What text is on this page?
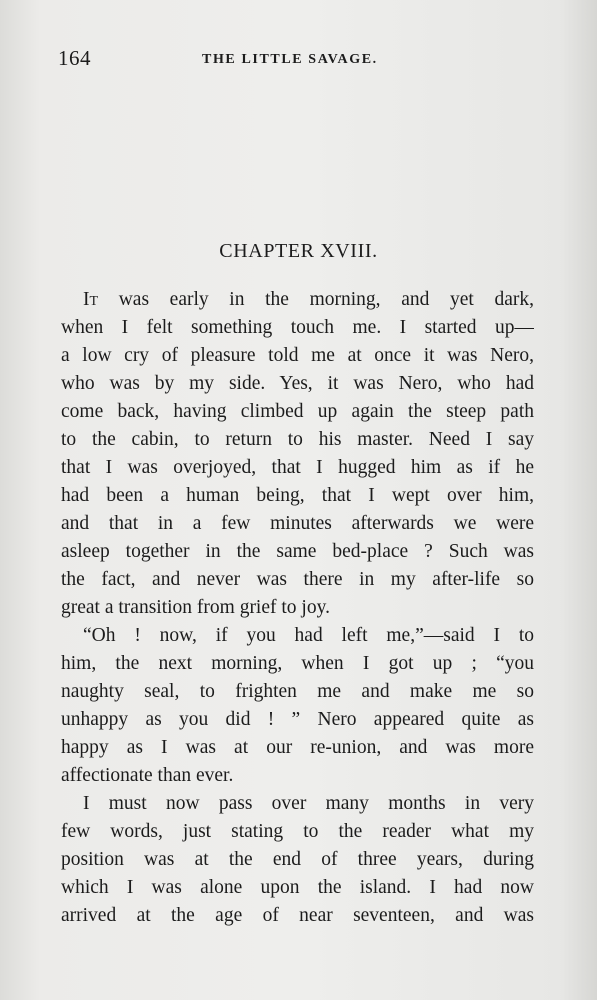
164	THE LITTLE SAVAGE.
CHAPTER XVIII.
It was early in the morning, and yet dark,
when I felt something touch me. I started up—
a low cry of pleasure told me at once it was Nero,
who was by my side. Yes, it was Nero, who had
come back, having climbed up again the steep path
to the cabin, to return to his master. Need I say
that I was overjoyed, that I hugged him as if he
had been a human being, that I wept over him,
and that in a few minutes afterwards we were
asleep together in the same bed-place ? Such was
the fact, and never was there in my after-life so
great a transition from grief to joy.
“Oh ! now, if you had left me,”—said I to
him, the next morning, when I got up ; “you
naughty seal, to frighten me and make me so
unhappy as you did ! ” Nero appeared quite as
happy as I was at our re-union, and was more
affectionate than ever.
I must now pass over many months in very
few words, just stating to the reader what my
position was at the end of three years, during
which I was alone upon the island. I had now
arrived at the age of near seventeen, and was
